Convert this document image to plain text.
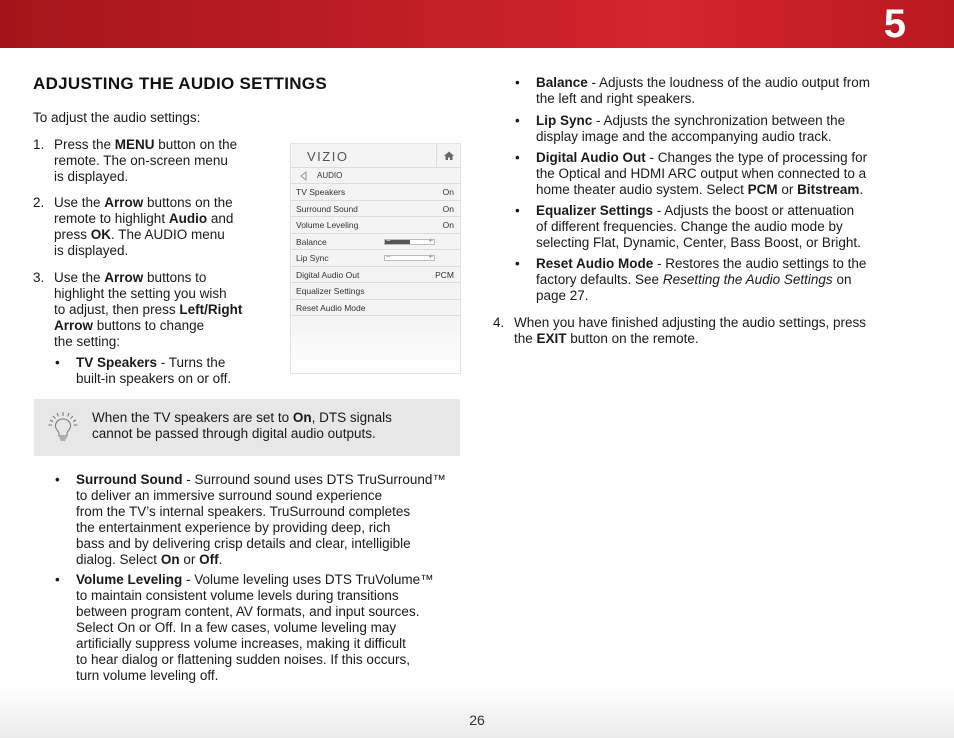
5
ADJUSTING THE AUDIO SETTINGS
To adjust the audio settings:
1. Press the MENU button on the
remote. The on-screen menu
is displayed.
2. Use the Arrow buttons on the
remote to highlight Audio and
press OK. The AUDIO menu
is displayed.
3. Use the Arrow buttons to
highlight the setting you wish
to adjust, then press Left/Right
Arrow buttons to change
the setting:
• TV Speakers - Turns the
built-in speakers on or off.
VIZIO
AUDIO
TV Speakers	On
Surround Sound	On
Volume Leveling	On
Balance	−	+
Lip Sync	−	+
Digital Audio Out	PCM
Equalizer Settings
Reset Audio Mode
When the TV speakers are set to On, DTS signals
cannot be passed through digital audio outputs.
• Surround Sound - Surround sound uses DTS TruSurround™
to deliver an immersive surround sound experience
from the TV’s internal speakers. TruSurround completes
the entertainment experience by providing deep, rich
bass and by delivering crisp details and clear, intelligible
dialog. Select On or Off.
• Volume Leveling - Volume leveling uses DTS TruVolume™
to maintain consistent volume levels during transitions
between program content, AV formats, and input sources.
Select On or Off. In a few cases, volume leveling may
artificially suppress volume increases, making it difficult
to hear dialog or flattening sudden noises. If this occurs,
turn volume leveling off.
• Balance - Adjusts the loudness of the audio output from
the left and right speakers.
• Lip Sync - Adjusts the synchronization between the
display image and the accompanying audio track.
• Digital Audio Out - Changes the type of processing for
the Optical and HDMI ARC output when connected to a
home theater audio system. Select PCM or Bitstream.
• Equalizer Settings - Adjusts the boost or attenuation
of different frequencies. Change the audio mode by
selecting Flat, Dynamic, Center, Bass Boost, or Bright.
• Reset Audio Mode - Restores the audio settings to the
factory defaults. See Resetting the Audio Settings on
page 27.
4. When you have finished adjusting the audio settings, press
the EXIT button on the remote.
26
